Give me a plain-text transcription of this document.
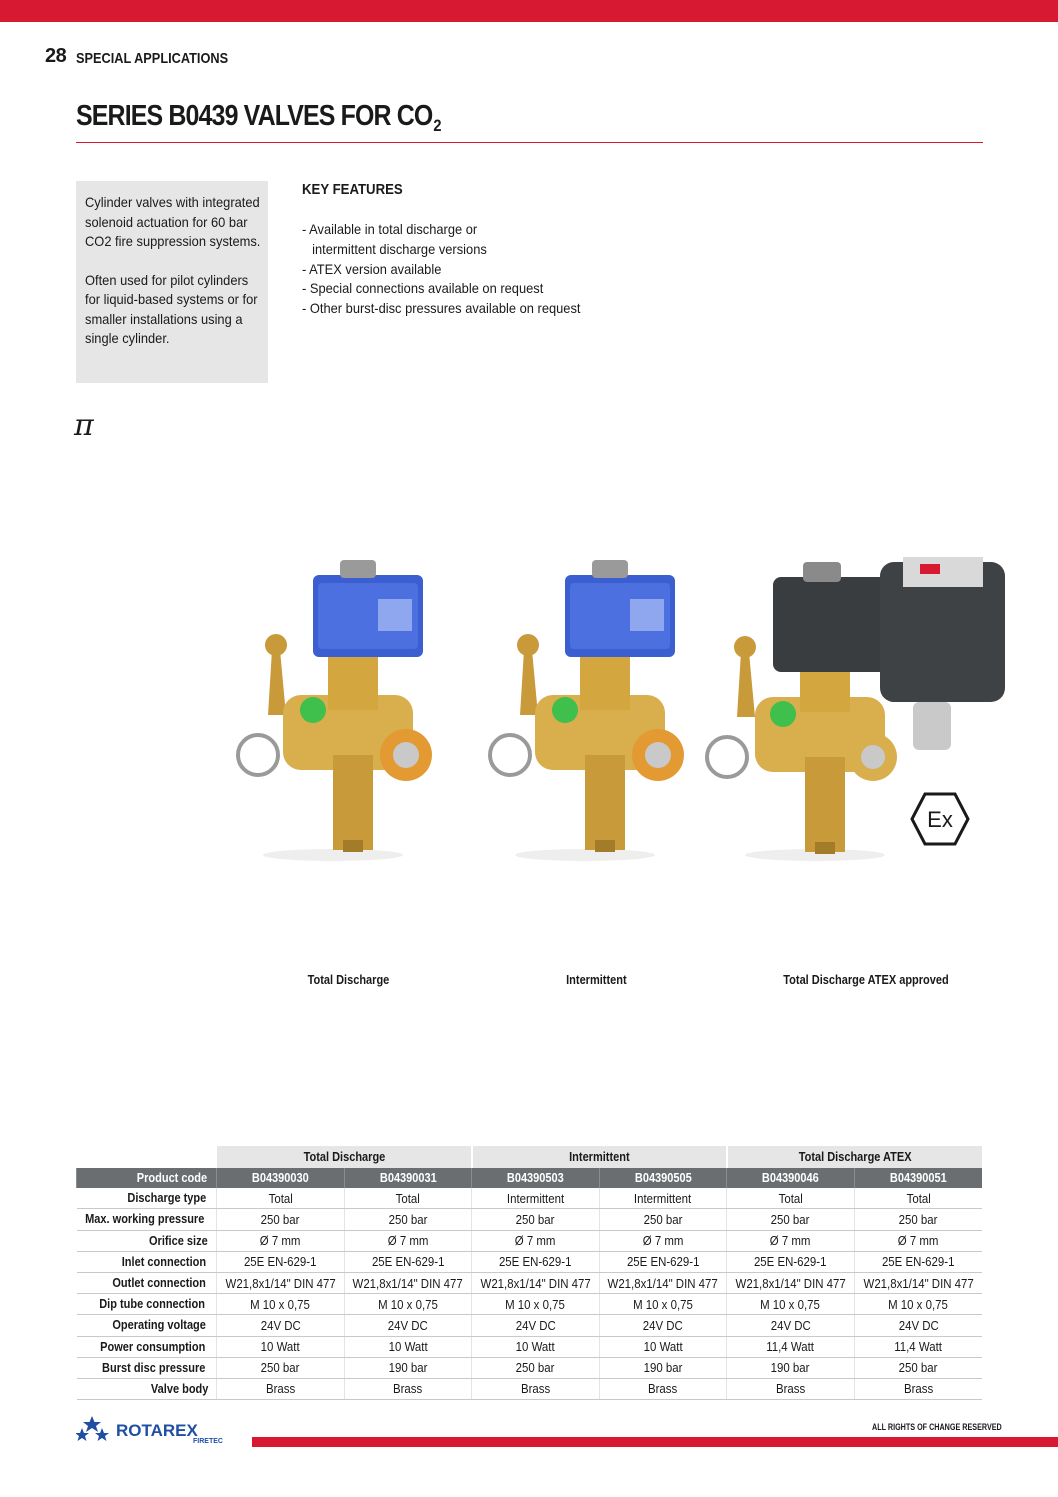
28 SPECIAL APPLICATIONS
SERIES B0439 VALVES FOR $CO_2$

Cylinder valves with integrated solenoid actuation for 60 bar CO2 fire suppression systems.

Often used for pilot cylinders for liquid-based systems or for smaller installations using a single cylinder.

KEY FEATURES
- Available in total discharge or
intermittent discharge versions
- ATEX version available
- Special connections available on request
- Other burst-disc pressures available on request
π
Ex
Total Discharge	Intermittent	Total Discharge ATEX approved
	Total Discharge		Intermittent		Total Discharge ATEX	
Product code	B04390030	B04390031	B04390503	B04390505	B04390046	B04390051
Discharge type	Total	Total	Intermittent	Intermittent	Total	Total
Max. working pressure	250 bar	250 bar	250 bar	250 bar	250 bar	250 bar
Orifice size	Ø 7 mm	Ø 7 mm	Ø 7 mm	Ø 7 mm	Ø 7 mm	Ø 7 mm
Inlet connection	25E EN-629-1	25E EN-629-1	25E EN-629-1	25E EN-629-1	25E EN-629-1	25E EN-629-1
Outlet connection	W21,8x1/14" DIN 477	W21,8x1/14" DIN 477	W21,8x1/14" DIN 477	W21,8x1/14" DIN 477	W21,8x1/14" DIN 477	W21,8x1/14" DIN 477
Dip tube connection	M 10 x 0,75	M 10 x 0,75	M 10 x 0,75	M 10 x 0,75	M 10 x 0,75	M 10 x 0,75
Operating voltage	24V DC	24V DC	24V DC	24V DC	24V DC	24V DC
Power consumption	10 Watt	10 Watt	10 Watt	10 Watt	11,4 Watt	11,4 Watt
Burst disc pressure	250 bar	190 bar	250 bar	190 bar	190 bar	250 bar
Valve body	Brass	Brass	Brass	Brass	Brass	Brass
ROTAREX
FIRETEC
ALL RIGHTS OF CHANGE RESERVED
